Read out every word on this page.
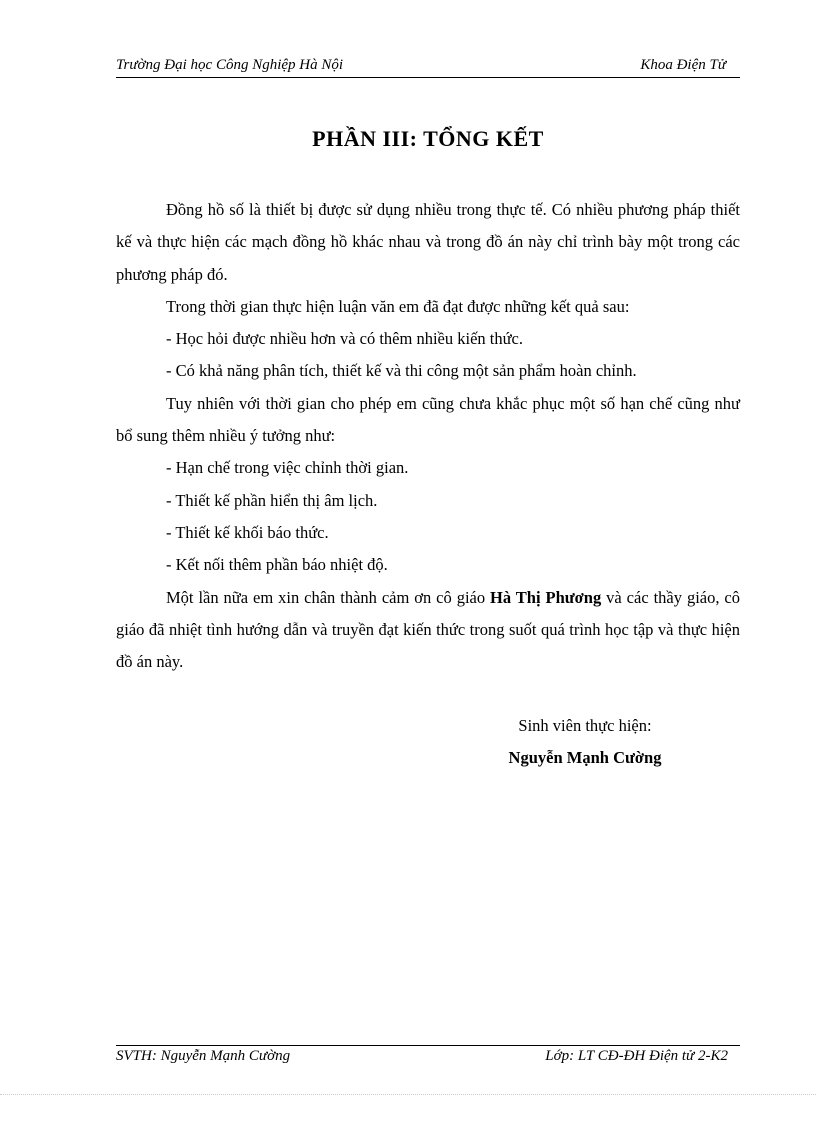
Trường Đại học Công Nghiệp Hà Nội	Khoa Điện Tử
PHẦN III: TỔNG KẾT

Đồng hồ số là thiết bị được sử dụng nhiều trong thực tế. Có nhiều phương pháp thiết kế và thực hiện các mạch đồng hồ khác nhau và trong đồ án này chỉ trình bày một trong các phương pháp đó.

Trong thời gian thực hiện luận văn em đã đạt được những kết quả sau:

- Học hỏi được nhiều hơn và có thêm nhiều kiến thức.

- Có khả năng phân tích, thiết kế và thi công một sản phẩm hoàn chỉnh.

Tuy nhiên với thời gian cho phép em cũng chưa khắc phục một số hạn chế cũng như bổ sung thêm nhiều ý tưởng như:

- Hạn chế trong việc chỉnh thời gian.

- Thiết kế phần hiển thị âm lịch.

- Thiết kế khối báo thức.

- Kết nối thêm phần báo nhiệt độ.

Một lần nữa em xin chân thành cảm ơn cô giáo Hà Thị Phương và các thầy giáo, cô giáo đã nhiệt tình hướng dẫn và truyền đạt kiến thức trong suốt quá trình học tập và thực hiện đồ án này.

Sinh viên thực hiện:
Nguyễn Mạnh Cường
SVTH: Nguyễn Mạnh Cường	Lớp: LT CĐ-ĐH Điện tử 2-K2
